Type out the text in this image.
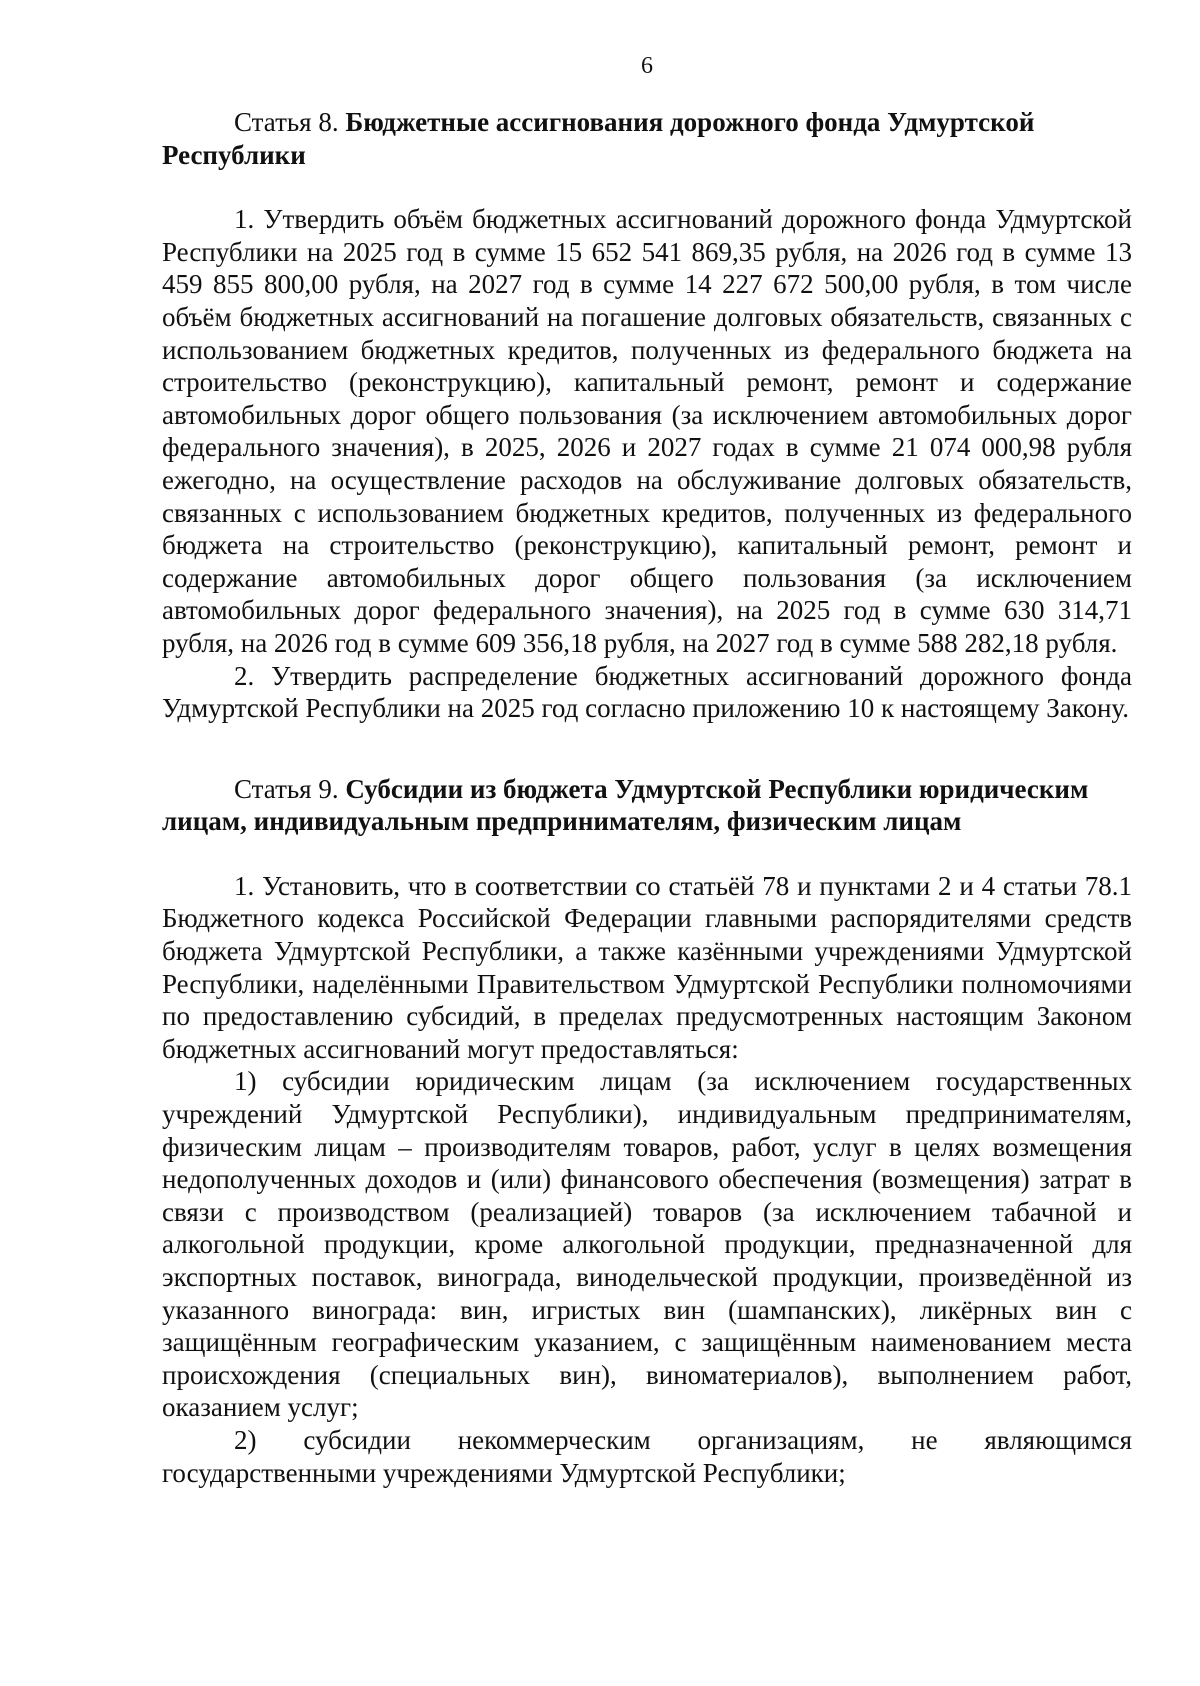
6
Статья 8. Бюджетные ассигнования дорожного фонда Удмуртской Республики

1. Утвердить объём бюджетных ассигнований дорожного фонда Удмуртской Республики на 2025 год в сумме 15 652 541 869,35 рубля, на 2026 год в сумме 13 459 855 800,00 рубля, на 2027 год в сумме 14 227 672 500,00 рубля, в том числе объём бюджетных ассигнований на погашение долговых обязательств, связанных с использованием бюджетных кредитов, полученных из федерального бюджета на строительство (реконструкцию), капитальный ремонт, ремонт и содержание автомобильных дорог общего пользования (за исключением автомобильных дорог федерального значения), в 2025, 2026 и 2027 годах в сумме 21 074 000,98 рубля ежегодно, на осуществление расходов на обслуживание долговых обязательств, связанных с использованием бюджетных кредитов, полученных из федерального бюджета на строительство (реконструкцию), капитальный ремонт, ремонт и содержание автомобильных дорог общего пользования (за исключением автомобильных дорог федерального значения), на 2025 год в сумме 630 314,71 рубля, на 2026 год в сумме 609 356,18 рубля, на 2027 год в сумме 588 282,18 рубля.

2. Утвердить распределение бюджетных ассигнований дорожного фонда Удмуртской Республики на 2025 год согласно приложению 10 к настоящему Закону.

Статья 9. Субсидии из бюджета Удмуртской Республики юридическим лицам, индивидуальным предпринимателям, физическим лицам

1. Установить, что в соответствии со статьёй 78 и пунктами 2 и 4 статьи 78.1 Бюджетного кодекса Российской Федерации главными распорядителями средств бюджета Удмуртской Республики, а также казёнными учреждениями Удмуртской Республики, наделёнными Правительством Удмуртской Республики полномочиями по предоставлению субсидий, в пределах предусмотренных настоящим Законом бюджетных ассигнований могут предоставляться:

1) субсидии юридическим лицам (за исключением государственных учреждений Удмуртской Республики), индивидуальным предпринимателям, физическим лицам – производителям товаров, работ, услуг в целях возмещения недополученных доходов и (или) финансового обеспечения (возмещения) затрат в связи с производством (реализацией) товаров (за исключением табачной и алкогольной продукции, кроме алкогольной продукции, предназначенной для экспортных поставок, винограда, винодельческой продукции, произведённой из указанного винограда: вин, игристых вин (шампанских), ликёрных вин с защищённым географическим указанием, с защищённым наименованием места происхождения (специальных вин), виноматериалов), выполнением работ, оказанием услуг;

2) субсидии некоммерческим организациям, не являющимся государственными учреждениями Удмуртской Республики;
